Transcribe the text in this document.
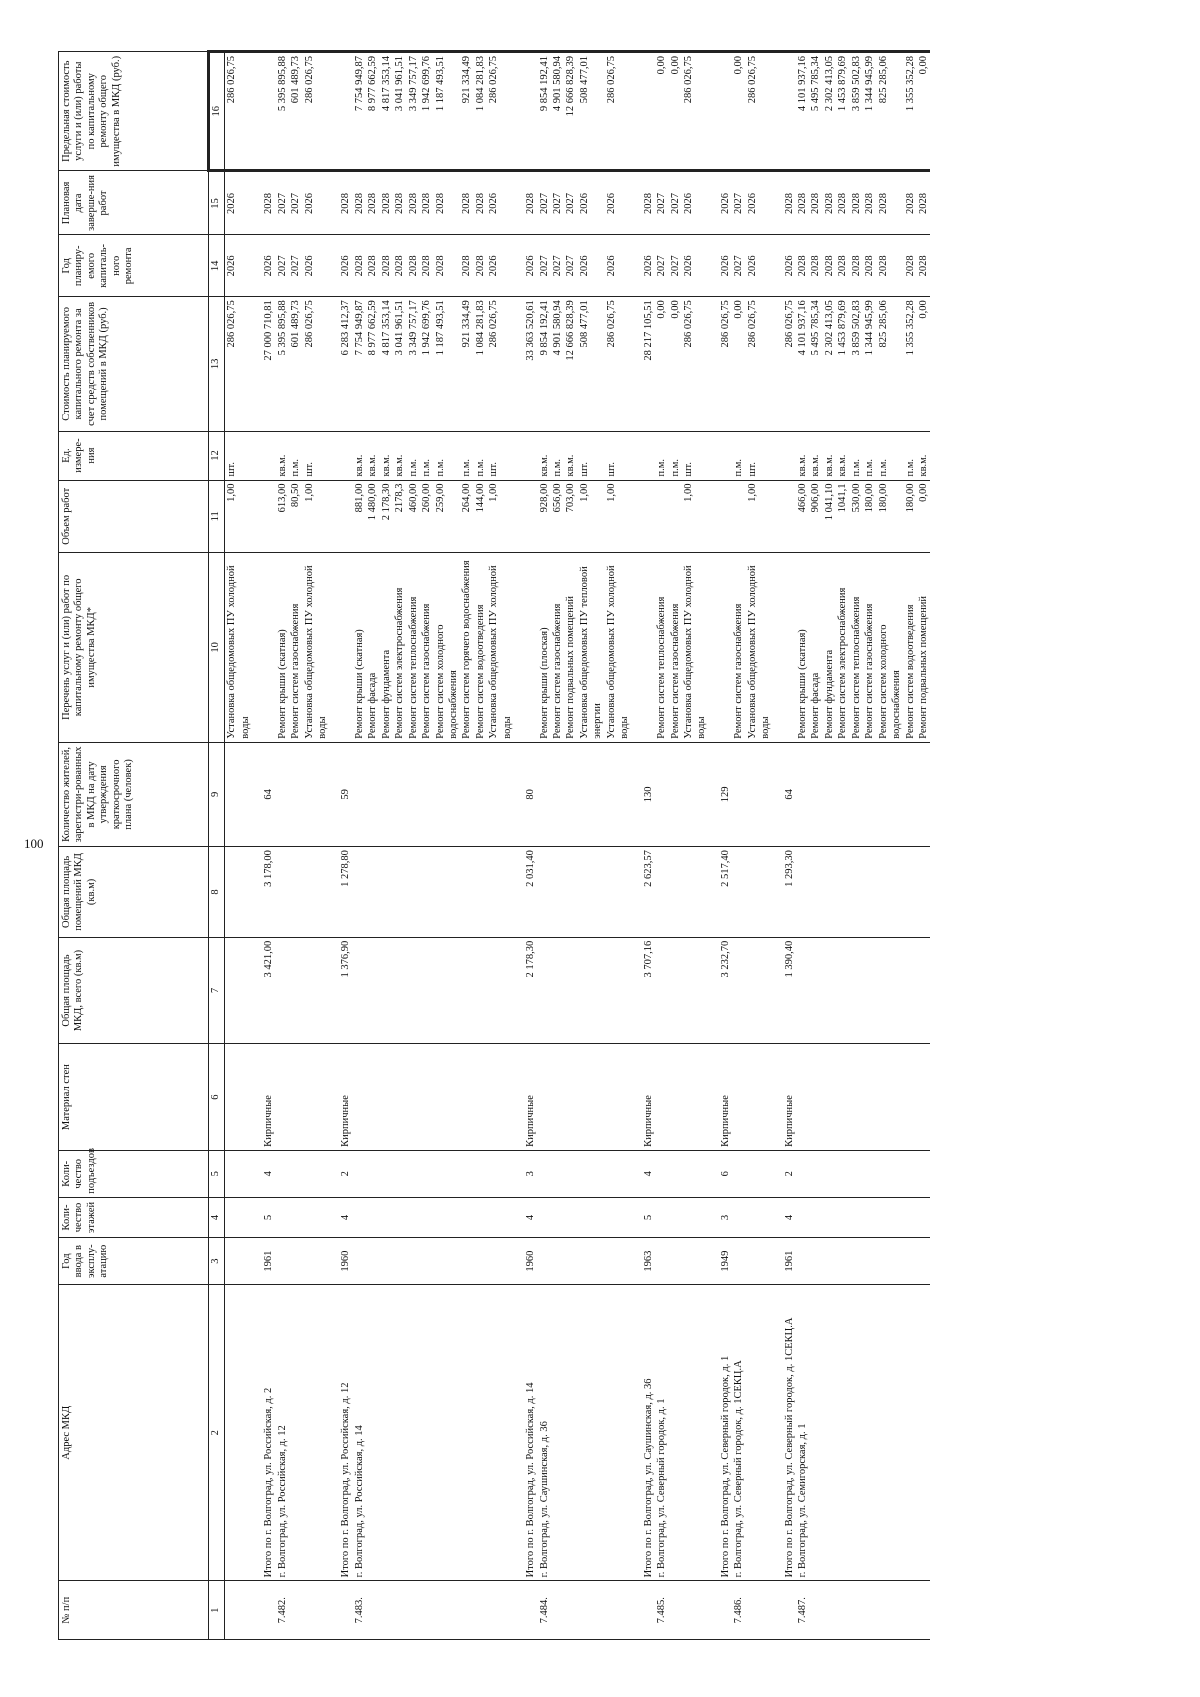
100
№ п/п	Адрес МКД	Год ввода в эксплу-атацию	Коли-чество этажей	Коли-чество подъездов	Материал стен	Общая площадь МКД, всего (кв.м)	Общая площадь помещений МКД (кв.м)	Количество жителей, зарегистри-рованных в МКД на дату утверждения краткосрочного плана (человек)	Перечень услуг и (или) работ по капитальному ремонту общего имущества МКД*	Объем работ	Ед. измере-ния	Стоимость планируемого капитального ремонта за счет средств собственников помещений в МКД (руб.)	Год планиру-емого капиталь-ного ремонта	Плановая дата заверше-ния работ	Предельная стоимость услуги и (или) работы по капитальному ремонту общего имущества в МКД (руб.)
1	2	3	4	5	6	7	8	9	10	11	12	13	14	15	16
									Установка общедомовых ПУ холодной воды	1,00	шт.	286 026,75	2026	2026	286 026,75
	Итого по г. Волгоград, ул. Российская, д. 2	1961	5	4	Кирпичные	3 421,00	3 178,00	64				27 000 710,81	2026	2028	
7.482.	г. Волгоград, ул. Российская, д. 12								Ремонт крыши (скатная)	613,00	кв.м.	5 395 895,88	2027	2027	5 395 895,88
									Ремонт систем газоснабжения	80,50	п.м.	601 489,73	2027	2027	601 489,73
									Установка общедомовых ПУ холодной воды	1,00	шт.	286 026,75	2026	2026	286 026,75
	Итого по г. Волгоград, ул. Российская, д. 12	1960	4	2	Кирпичные	1 376,90	1 278,80	59				6 283 412,37	2026	2028	
7.483.	г. Волгоград, ул. Российская, д. 14								Ремонт крыши (скатная)	881,00	кв.м.	7 754 949,87	2028	2028	7 754 949,87
									Ремонт фасада	1 480,00	кв.м.	8 977 662,59	2028	2028	8 977 662,59
									Ремонт фундамента	2 178,30	кв.м.	4 817 353,14	2028	2028	4 817 353,14
									Ремонт систем электроснабжения	2178,3	кв.м.	3 041 961,51	2028	2028	3 041 961,51
									Ремонт систем теплоснабжения	460,00	п.м.	3 349 757,17	2028	2028	3 349 757,17
									Ремонт систем газоснабжения	260,00	п.м.	1 942 699,76	2028	2028	1 942 699,76
									Ремонт систем холодного водоснабжения	259,00	п.м.	1 187 493,51	2028	2028	1 187 493,51
									Ремонт систем горячего водоснабжения	264,00	п.м.	921 334,49	2028	2028	921 334,49
									Ремонт систем водоотведения	144,00	п.м.	1 084 281,83	2028	2028	1 084 281,83
									Установка общедомовых ПУ холодной воды	1,00	шт.	286 026,75	2026	2026	286 026,75
	Итого по г. Волгоград, ул. Российская, д. 14	1960	4	3	Кирпичные	2 178,30	2 031,40	80				33 363 520,61	2026	2028	
7.484.	г. Волгоград, ул. Саушинская, д. 36								Ремонт крыши (плоская)	928,00	кв.м.	9 854 192,41	2027	2027	9 854 192,41
									Ремонт систем газоснабжения	656,00	п.м.	4 901 580,94	2027	2027	4 901 580,94
									Ремонт подвальных помещений	703,00	кв.м.	12 666 828,39	2027	2027	12 666 828,39
									Установка общедомовых ПУ тепловой энергии	1,00	шт.	508 477,01	2026	2026	508 477,01
									Установка общедомовых ПУ холодной воды	1,00	шт.	286 026,75	2026	2026	286 026,75
	Итого по г. Волгоград, ул. Саушинская, д. 36	1963	5	4	Кирпичные	3 707,16	2 623,57	130				28 217 105,51	2026	2028	
7.485.	г. Волгоград, ул. Северный городок, д. 1								Ремонт систем теплоснабжения		п.м.	0,00	2027	2027	0,00
									Ремонт систем газоснабжения		п.м.	0,00	2027	2027	0,00
									Установка общедомовых ПУ холодной воды	1,00	шт.	286 026,75	2026	2026	286 026,75
	Итого по г. Волгоград, ул. Северный городок, д. 1	1949	3	6	Кирпичные	3 232,70	2 517,40	129				286 026,75	2026	2026	
7.486.	г. Волгоград, ул. Северный городок, д. 1СЕКЦ.А								Ремонт систем газоснабжения		п.м.	0,00	2027	2027	0,00
									Установка общедомовых ПУ холодной воды	1,00	шт.	286 026,75	2026	2026	286 026,75
	Итого по г. Волгоград, ул. Северный городок, д. 1СЕКЦ.А	1961	4	2	Кирпичные	1 390,40	1 293,30	64				286 026,75	2026	2028	
7.487.	г. Волгоград, ул. Семигорская, д. 1								Ремонт крыши (скатная)	466,00	кв.м.	4 101 937,16	2028	2028	4 101 937,16
									Ремонт фасада	906,00	кв.м.	5 495 785,34	2028	2028	5 495 785,34
									Ремонт фундамента	1 041,10	кв.м.	2 302 413,05	2028	2028	2 302 413,05
									Ремонт систем электроснабжения	1041,1	кв.м.	1 453 879,69	2028	2028	1 453 879,69
									Ремонт систем теплоснабжения	530,00	п.м.	3 859 502,83	2028	2028	3 859 502,83
									Ремонт систем газоснабжения	180,00	п.м.	1 344 945,99	2028	2028	1 344 945,99
									Ремонт систем холодного водоснабжения	180,00	п.м.	825 285,06	2028	2028	825 285,06
									Ремонт систем водоотведения	180,00	п.м.	1 355 352,28	2028	2028	1 355 352,28
									Ремонт подвальных помещений	0,00	кв.м.	0,00	2028	2028	0,00
